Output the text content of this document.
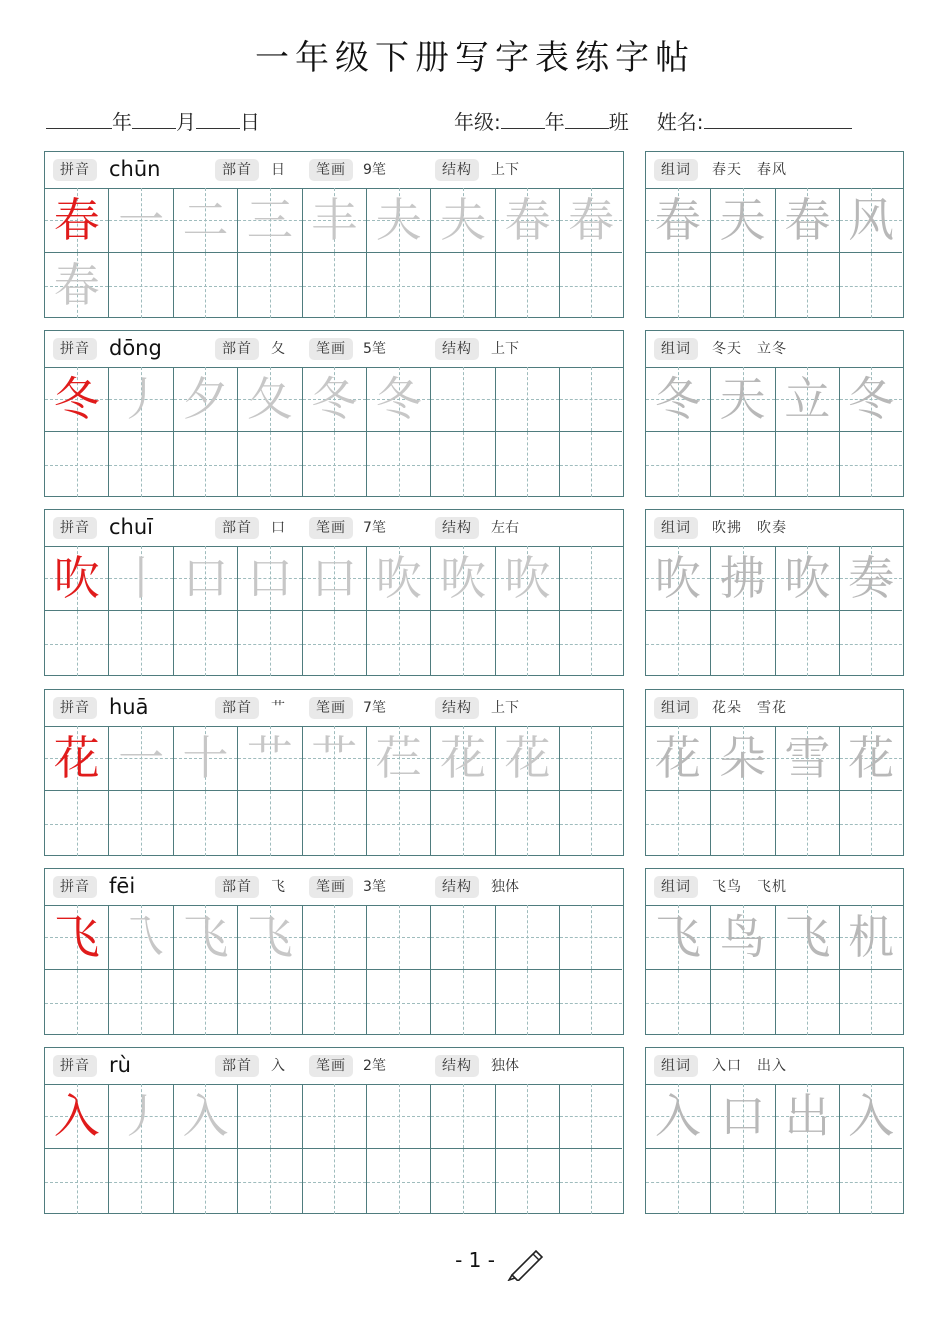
一年级下册写字表练字帖
年 月 日	年级: 年 班 姓名:
拼音 chūn	部首	日	笔画	9笔	结构	上下
春 一 二 三 丰 夫 夫 春 春
春
组词	春天　春风
春 天 春 风
拼音 dōng	部首	夂	笔画	5笔	结构	上下
冬 丿 夕 夂 冬 冬
组词	冬天　立冬
冬 天 立 冬
拼音 chuī	部首	口	笔画	7笔	结构	左右
吹 丨 口 口 口 吹 吹 吹
组词	吹拂　吹奏
吹 拂 吹 奏
拼音 huā	部首	艹	笔画	7笔	结构	上下
花 一 十 艹 艹 芢 花 花
组词	花朵　雪花
花 朵 雪 花
拼音 fēi	部首	飞	笔画	3笔	结构	独体
飞 乁 飞 飞
组词	飞鸟　飞机
飞 鸟 飞 机
拼音 rù	部首	入	笔画	2笔	结构	独体
入 丿 入
组词	入口　出入
入 口 出 入
- 1 -
